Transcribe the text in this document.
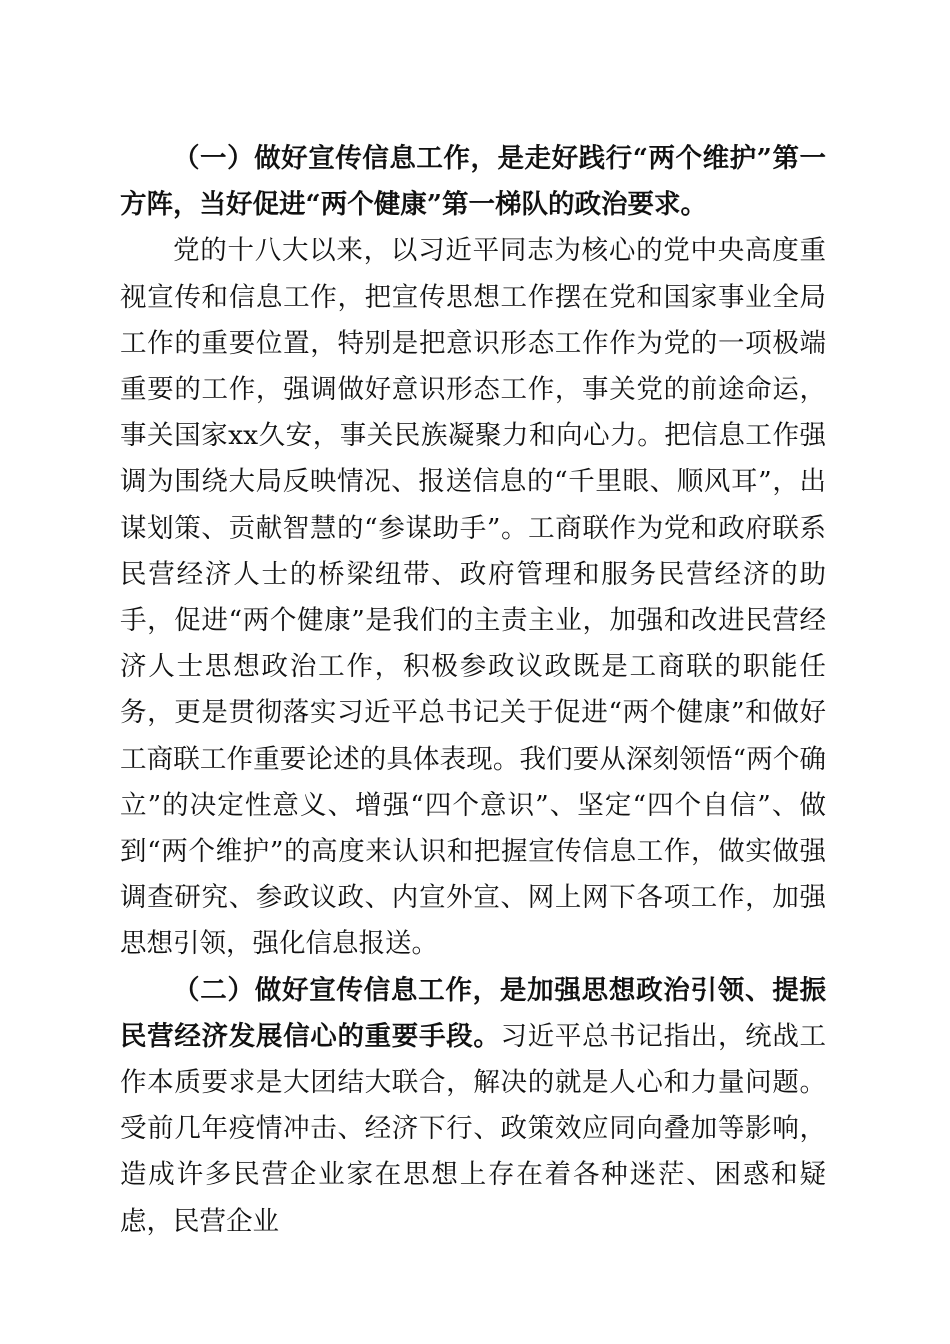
（一）做好宣传信息工作，是走好践行“两个维护”第一方阵，当好促进“两个健康”第一梯队的政治要求。

党的十八大以来，以习近平同志为核心的党中央高度重视宣传和信息工作，把宣传思想工作摆在党和国家事业全局工作的重要位置，特别是把意识形态工作作为党的一项极端重要的工作，强调做好意识形态工作，事关党的前途命运，事关国家xx久安，事关民族凝聚力和向心力。把信息工作强调为围绕大局反映情况、报送信息的“千里眼、顺风耳”，出谋划策、贡献智慧的“参谋助手”。工商联作为党和政府联系民营经济人士的桥梁纽带、政府管理和服务民营经济的助手，促进“两个健康”是我们的主责主业，加强和改进民营经济人士思想政治工作，积极参政议政既是工商联的职能任务，更是贯彻落实习近平总书记关于促进“两个健康”和做好工商联工作重要论述的具体表现。我们要从深刻领悟“两个确立”的决定性意义、增强“四个意识”、坚定“四个自信”、做到“两个维护”的高度来认识和把握宣传信息工作，做实做强调查研究、参政议政、内宣外宣、网上网下各项工作，加强思想引领，强化信息报送。

（二）做好宣传信息工作，是加强思想政治引领、提振民营经济发展信心的重要手段。习近平总书记指出，统战工作本质要求是大团结大联合，解决的就是人心和力量问题。受前几年疫情冲击、经济下行、政策效应同向叠加等影响，造成许多民营企业家在思想上存在着各种迷茫、困惑和疑虑，民营企业
